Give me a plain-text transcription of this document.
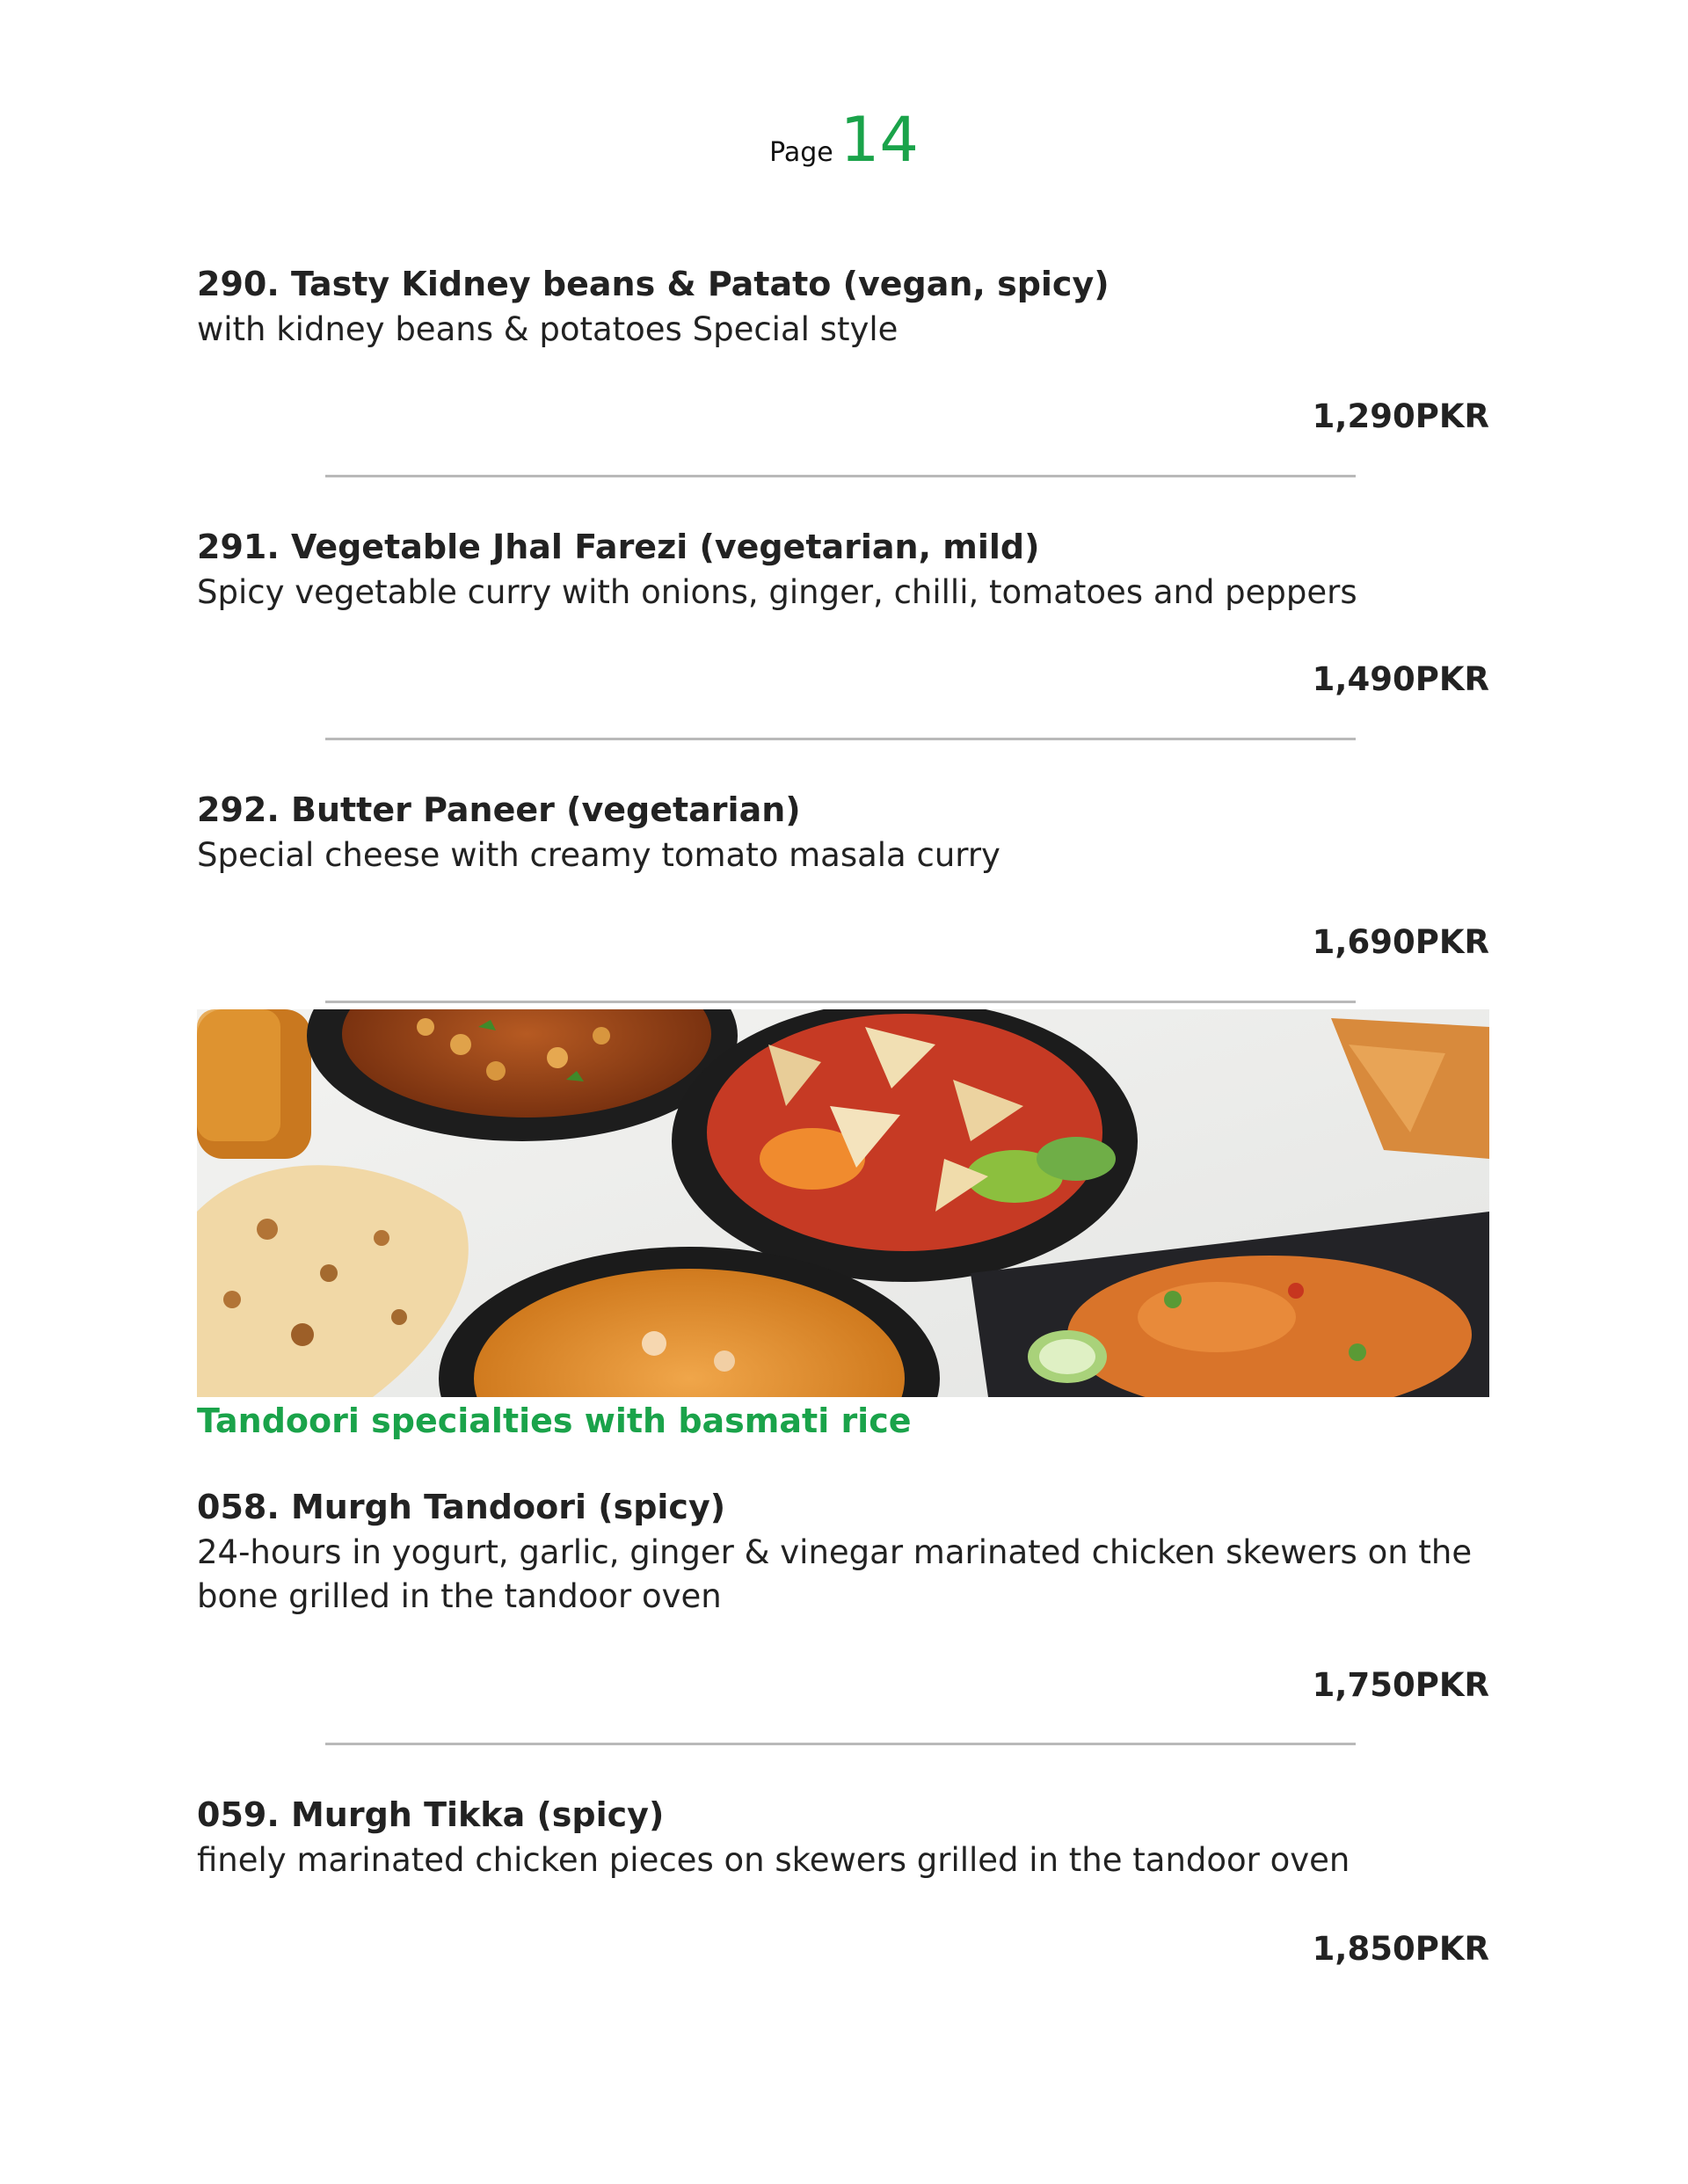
Page 14
290. Tasty Kidney beans & Patato (vegan, spicy)
with kidney beans & potatoes Special style
1,290PKR
291. Vegetable Jhal Farezi (vegetarian, mild)
Spicy vegetable curry with onions, ginger, chilli, tomatoes and peppers
1,490PKR
292. Butter Paneer (vegetarian)
Special cheese with creamy tomato masala curry
1,690PKR
Tandoori specialties with basmati rice
058. Murgh Tandoori (spicy)
24-hours in yogurt, garlic, ginger & vinegar marinated chicken skewers on the bone grilled in the tandoor oven
1,750PKR
059. Murgh Tikka (spicy)
finely marinated chicken pieces on skewers grilled in the tandoor oven
1,850PKR
